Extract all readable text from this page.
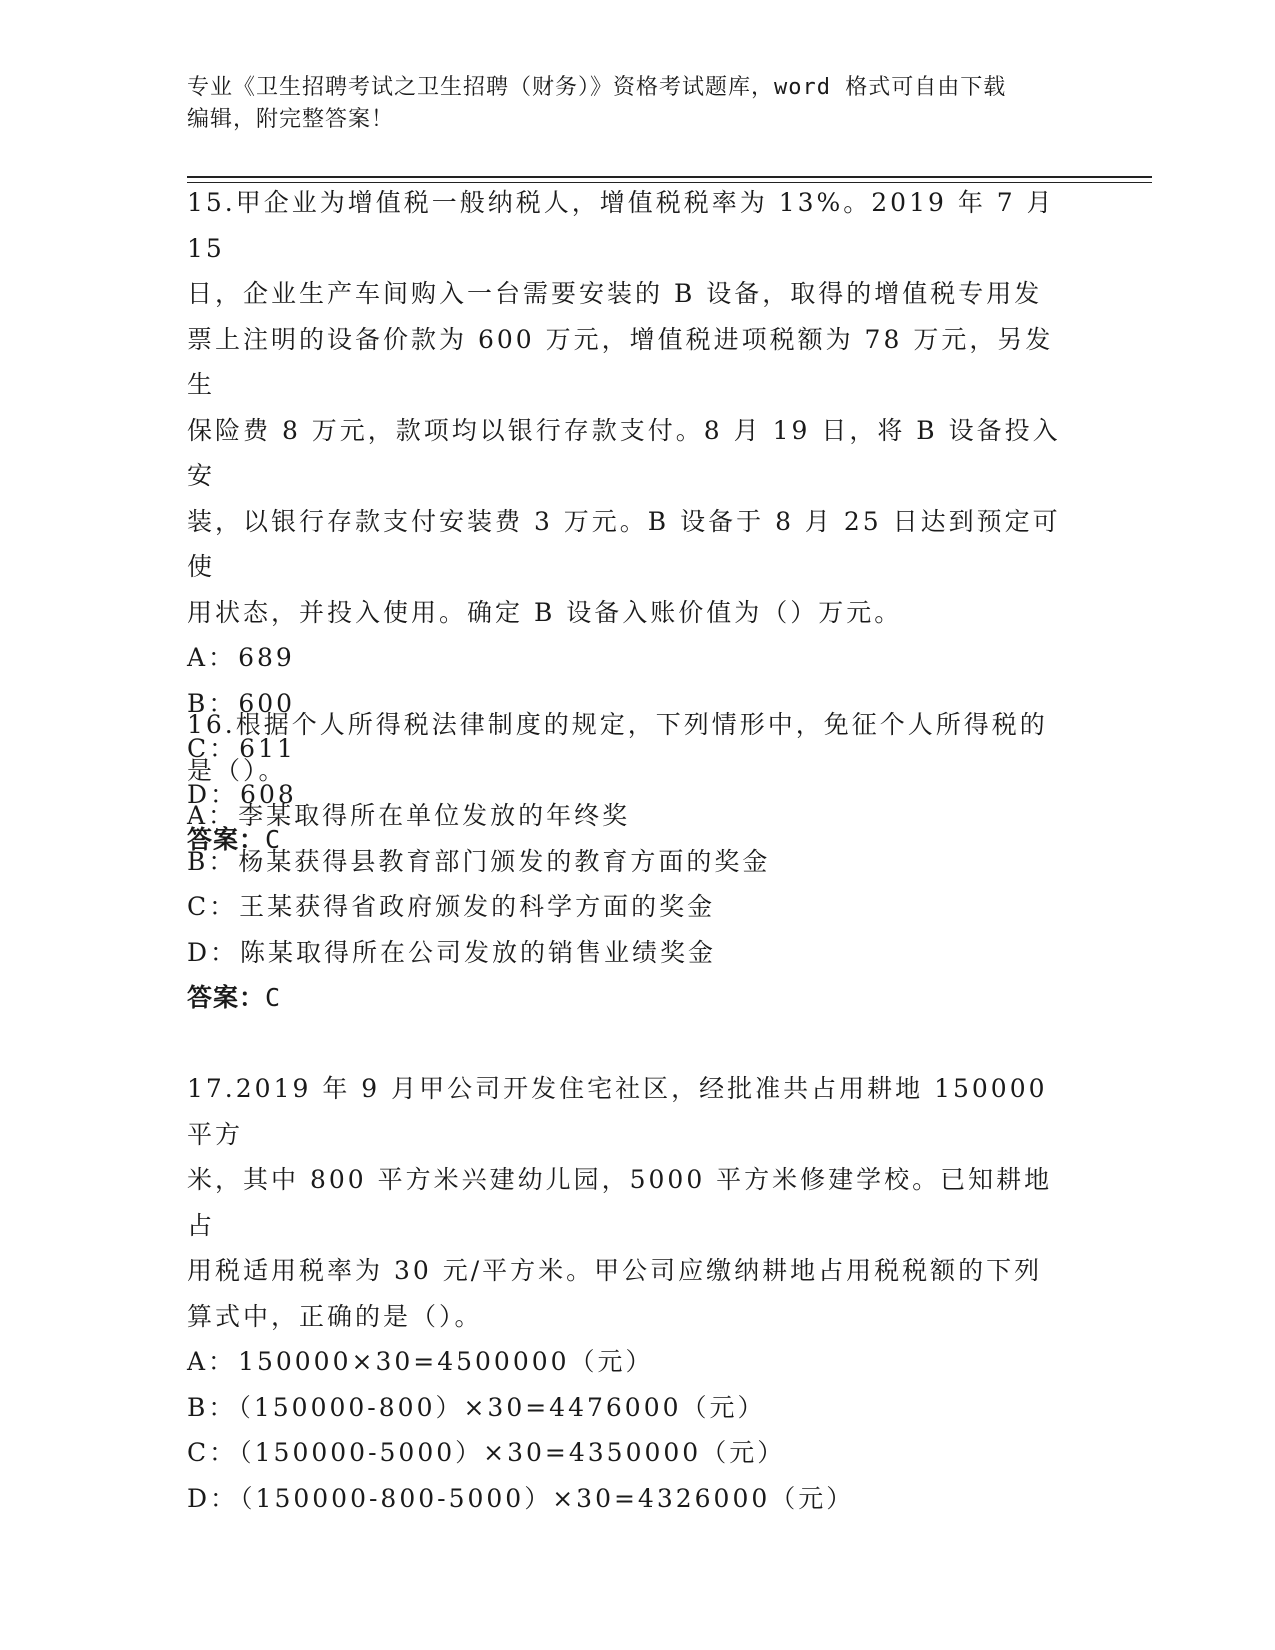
专业《卫生招聘考试之卫生招聘（财务）》资格考试题库，word 格式可自由下载
编辑，附完整答案！

15.甲企业为增值税一般纳税人，增值税税率为 13%。2019 年 7 月 15

日，企业生产车间购入一台需要安装的 B 设备，取得的增值税专用发

票上注明的设备价款为 600 万元，增值税进项税额为 78 万元，另发生

保险费 8 万元，款项均以银行存款支付。8 月 19 日，将 B 设备投入安

装，以银行存款支付安装费 3 万元。B 设备于 8 月 25 日达到预定可使

用状态，并投入使用。确定 B 设备入账价值为（）万元。

A：689

B：600

C：611

D：608

答案：C

16.根据个人所得税法律制度的规定，下列情形中，免征个人所得税的

是（）。

A：李某取得所在单位发放的年终奖

B：杨某获得县教育部门颁发的教育方面的奖金

C：王某获得省政府颁发的科学方面的奖金

D：陈某取得所在公司发放的销售业绩奖金

答案：C

17.2019 年 9 月甲公司开发住宅社区，经批准共占用耕地 150000 平方

米，其中 800 平方米兴建幼儿园，5000 平方米修建学校。已知耕地占

用税适用税率为 30 元/平方米。甲公司应缴纳耕地占用税税额的下列

算式中，正确的是（）。

A：150000×30=4500000（元）

B：（150000-800）×30=4476000（元）

C：（150000-5000）×30=4350000（元）

D：（150000-800-5000）×30=4326000（元）
